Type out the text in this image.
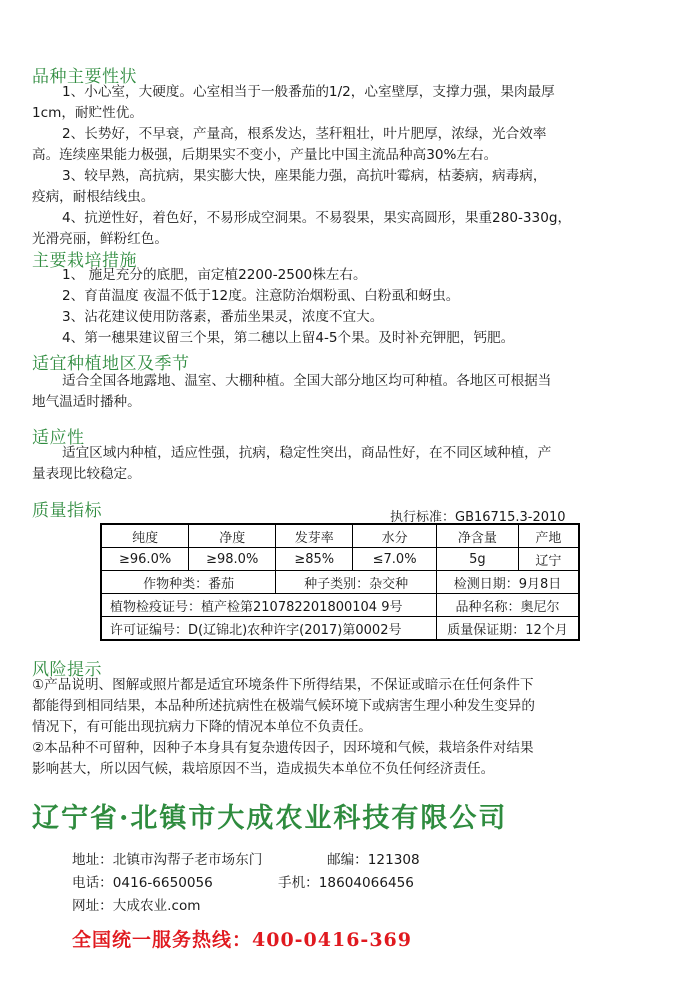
品种主要性状
1、小心室，大硬度。心室相当于一般番茄的1/2，心室壁厚，支撑力强，果肉最厚
1cm，耐贮性优。
2、长势好，不早衰，产量高，根系发达，茎秆粗壮，叶片肥厚，浓绿，光合效率
高。连续座果能力极强，后期果实不变小，产量比中国主流品种高30%左右。
3、较早熟，高抗病，果实膨大快，座果能力强，高抗叶霉病，枯萎病，病毒病，
疫病，耐根结线虫。
4、抗逆性好，着色好，不易形成空洞果。不易裂果，果实高圆形，果重280-330g，
光滑亮丽，鲜粉红色。
主要栽培措施
1、 施足充分的底肥，亩定植2200-2500株左右。
2、育苗温度 夜温不低于12度。注意防治烟粉虱、白粉虱和蚜虫。
3、沾花建议使用防落素，番茄坐果灵，浓度不宜大。
4、第一穗果建议留三个果，第二穗以上留4-5个果。及时补充钾肥，钙肥。
适宜种植地区及季节
适合全国各地露地、温室、大棚种植。全国大部分地区均可种植。各地区可根据当
地气温适时播种。
适应性
适宜区域内种植，适应性强，抗病，稳定性突出，商品性好，在不同区域种植，产
量表现比较稳定。
质量指标	执行标准：GB16715.3-2010
纯度	净度	发芽率	水分	净含量	产地
≥96.0%	≥98.0%	≥85%	≤7.0%	5g	辽宁
作物种类：番茄		种子类别：杂交种		检测日期：9月8日	
植物检疫证号：植产检第210782201800104 9号				品种名称：奥尼尔	
许可证编号：D(辽锦北)农种许字(2017)第0002号				质量保证期：12个月	
风险提示
①产品说明、图解或照片都是适宜环境条件下所得结果，不保证或暗示在任何条件下
都能得到相同结果，本品种所述抗病性在极端气候环境下或病害生理小种发生变异的
情况下，有可能出现抗病力下降的情况本单位不负责任。
②本品种不可留种，因种子本身具有复杂遗传因子，因环境和气候，栽培条件对结果
影响甚大，所以因气候，栽培原因不当，造成损失本单位不负任何经济责任。
辽宁省·北镇市大成农业科技有限公司
地址：北镇市沟帮子老市场东门	邮编：121308
电话：0416-6650056	手机：18604066456
网址：大成农业.com
全国统一服务热线：400-0416-369
